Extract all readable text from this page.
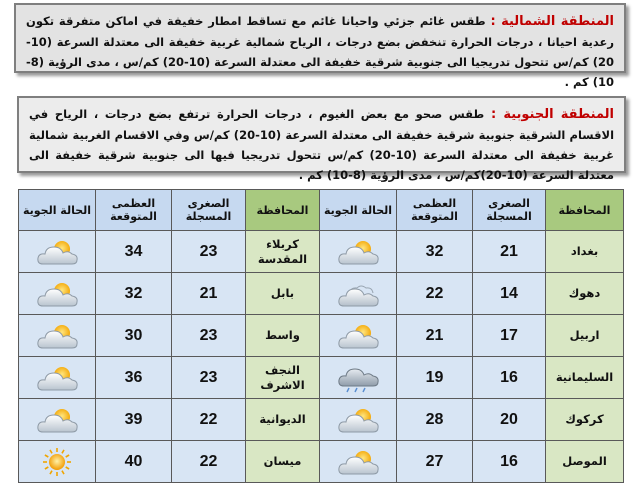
المنطقة الشمالية : طقس غائم جزئي واحيانا غائم مع تساقط امطار خفيفة في اماكن متفرقة تكون رعدية احيانا ، درجات الحرارة تنخفض بضع درجات ، الرياح شمالية غربية خفيفة الى معتدلة السرعة (10-20) كم/س تتحول تدريجيا الى جنوبية شرقية خفيفة الى معتدلة السرعة (10-20) كم/س ، مدى الرؤية (8-10) كم .
المنطقة الجنوبية : طقس صحو مع بعض الغيوم ، درجات الحرارة ترتفع بضع درجات ، الرياح في الاقسام الشرقية جنوبية شرقية خفيفة الى معتدلة السرعة (10-20) كم/س وفي الاقسام الغربية شمالية غربية خفيفة الى معتدلة السرعة (10-20) كم/س تتحول تدريجيا فيها الى جنوبية شرقية خفيفة الى معتدلة السرعة (10-20)كم/س ، مدى الرؤية (8-10) كم .
المحافظة	الصغرى المسجلة	العظمى المتوقعة	الحالة الجوية	المحافظة	الصغرى المسجلة	العظمى المتوقعة	الحالة الجوية
بغداد	21	32		كربلاء المقدسة	23	34	
دهوك	14	22		بابل	21	32	
اربيل	17	21		واسط	23	30	
السليمانية	16	19		النجف الاشرف	23	36	
كركوك	20	28		الديوانية	22	39	
الموصل	16	27		ميسان	22	40	
